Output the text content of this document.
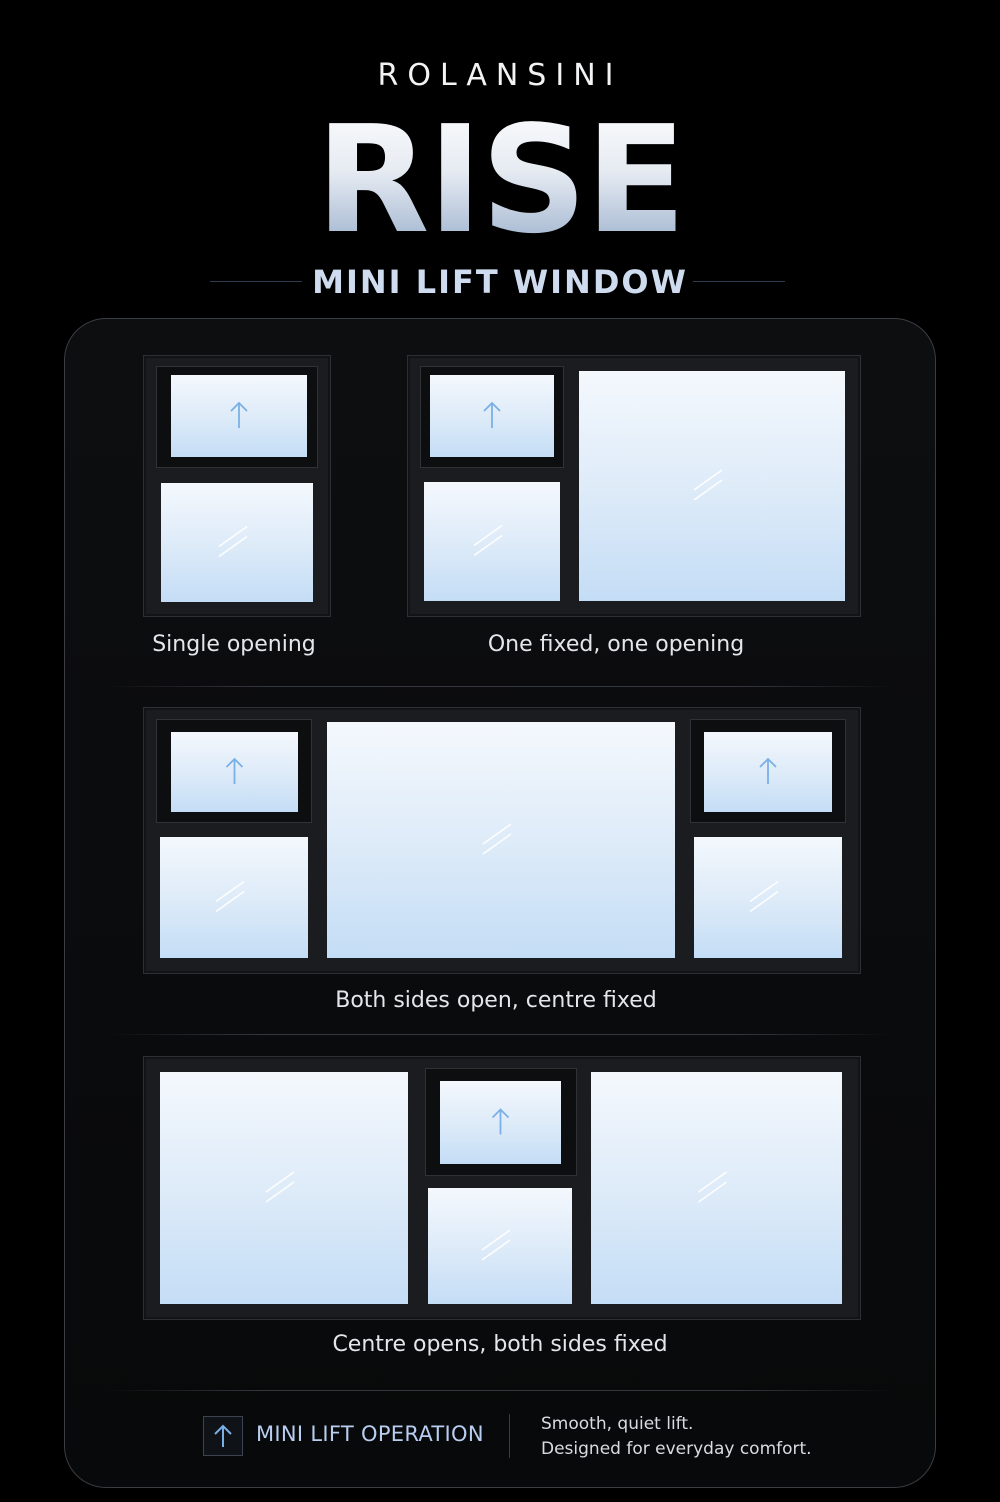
ROLANSINI
RISE
MINI LIFT WINDOW
Single opening	One fixed, one opening
Both sides open, centre fixed
Centre opens, both sides fixed
MINI LIFT OPERATION	Smooth, quiet lift.
Designed for everyday comfort.
